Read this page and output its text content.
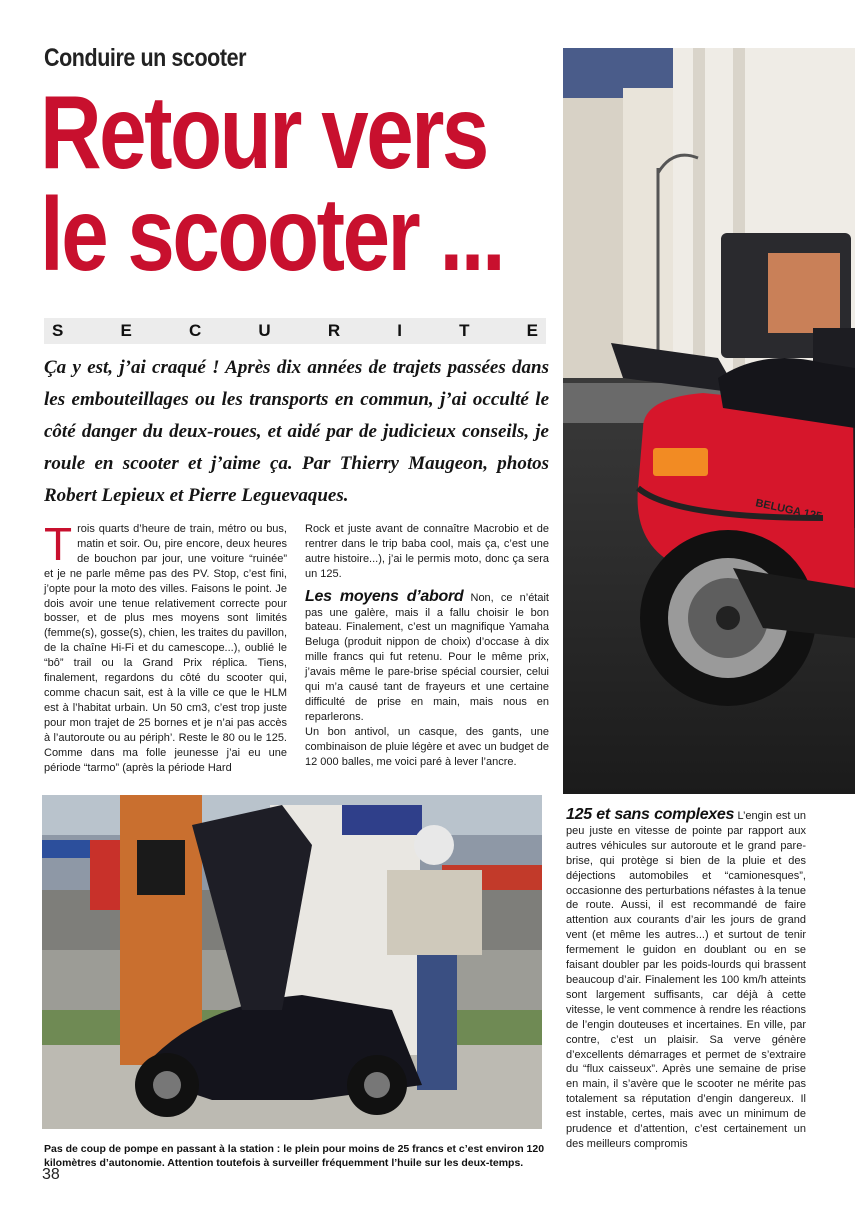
Conduire un scooter
Retour vers
le scooter ...
S	E	C	U	R	I	T	E
Ça y est, j’ai craqué ! Après dix années de trajets passées dans les embouteillages ou les transports en commun, j’ai occulté le côté danger du deux-roues, et aidé par de judicieux conseils, je roule en scooter et j’aime ça. Par Thierry Maugeon, photos Robert Lepieux et Pierre Leguevaques.

Trois quarts d’heure de train, métro ou bus, matin et soir. Ou, pire encore, deux heures de bouchon par jour, une voiture “ruinée” et je ne parle même pas des PV. Stop, c’est fini, j’opte pour la moto des villes. Faisons le point. Je dois avoir une tenue relativement correcte pour bosser, et de plus mes moyens sont limités (femme(s), gosse(s), chien, les traites du pavillon, de la chaîne Hi-Fi et du camescope...), oublié le “bô” trail ou la Grand Prix réplica. Tiens, finalement, regardons du côté du scooter qui, comme chacun sait, est à la ville ce que le HLM est à l’habitat urbain. Un 50 cm3, c’est trop juste pour mon trajet de 25 bornes et je n’ai pas accès à l’autoroute ou au périph’. Reste le 80 ou le 125. Comme dans ma folle jeunesse j’ai eu une période “tarmo” (après la période Hard

Rock et juste avant de connaître Macrobio et de rentrer dans le trip baba cool, mais ça, c’est une autre histoire...), j’ai le permis moto, donc ça sera un 125.

Les moyens d’abord Non, ce n’était pas une galère, mais il a fallu choisir le bon bateau. Finalement, c’est un magnifique Yamaha Beluga (produit nippon de choix) d’occase à dix mille francs qui fut retenu. Pour le même prix, j’avais même le pare-brise spécial coursier, celui qui m’a causé tant de frayeurs et une certaine difficulté de prise en main, mais nous en reparlerons.

Un bon antivol, un casque, des gants, une combinaison de pluie légère et avec un budget de 12 000 balles, me voici paré à lever l’ancre.

125 et sans complexes L’engin est un peu juste en vitesse de pointe par rapport aux autres véhicules sur autoroute et le grand pare-brise, qui protège si bien de la pluie et des déjections automobiles et “camionesques”, occasionne des perturbations néfastes à la tenue de route. Aussi, il est recommandé de faire attention aux courants d’air les jours de grand vent (et même les autres...) et surtout de tenir fermement le guidon en doublant ou en se faisant doubler par les poids-lourds qui brassent beaucoup d’air. Finalement les 100 km/h atteints sont largement suffisants, car déjà à cette vitesse, le vent commence à rendre les réactions de l’engin douteuses et incertaines. En ville, par contre, c’est un plaisir. Sa verve génère d’excellents démarrages et permet de s’extraire du “flux caisseux”. Après une semaine de prise en main, il s’avère que le scooter ne mérite pas totalement sa réputation d’engin dangereux. Il est instable, certes, mais avec un minimum de prudence et d’attention, c’est certainement un des meilleurs compromis

BELUGA 125
Pas de coup de pompe en passant à la station : le plein pour moins de 25 francs et c’est environ 120 kilomètres d’autonomie. Attention toutefois à surveiller fréquemment l’huile sur les deux-temps.
38
